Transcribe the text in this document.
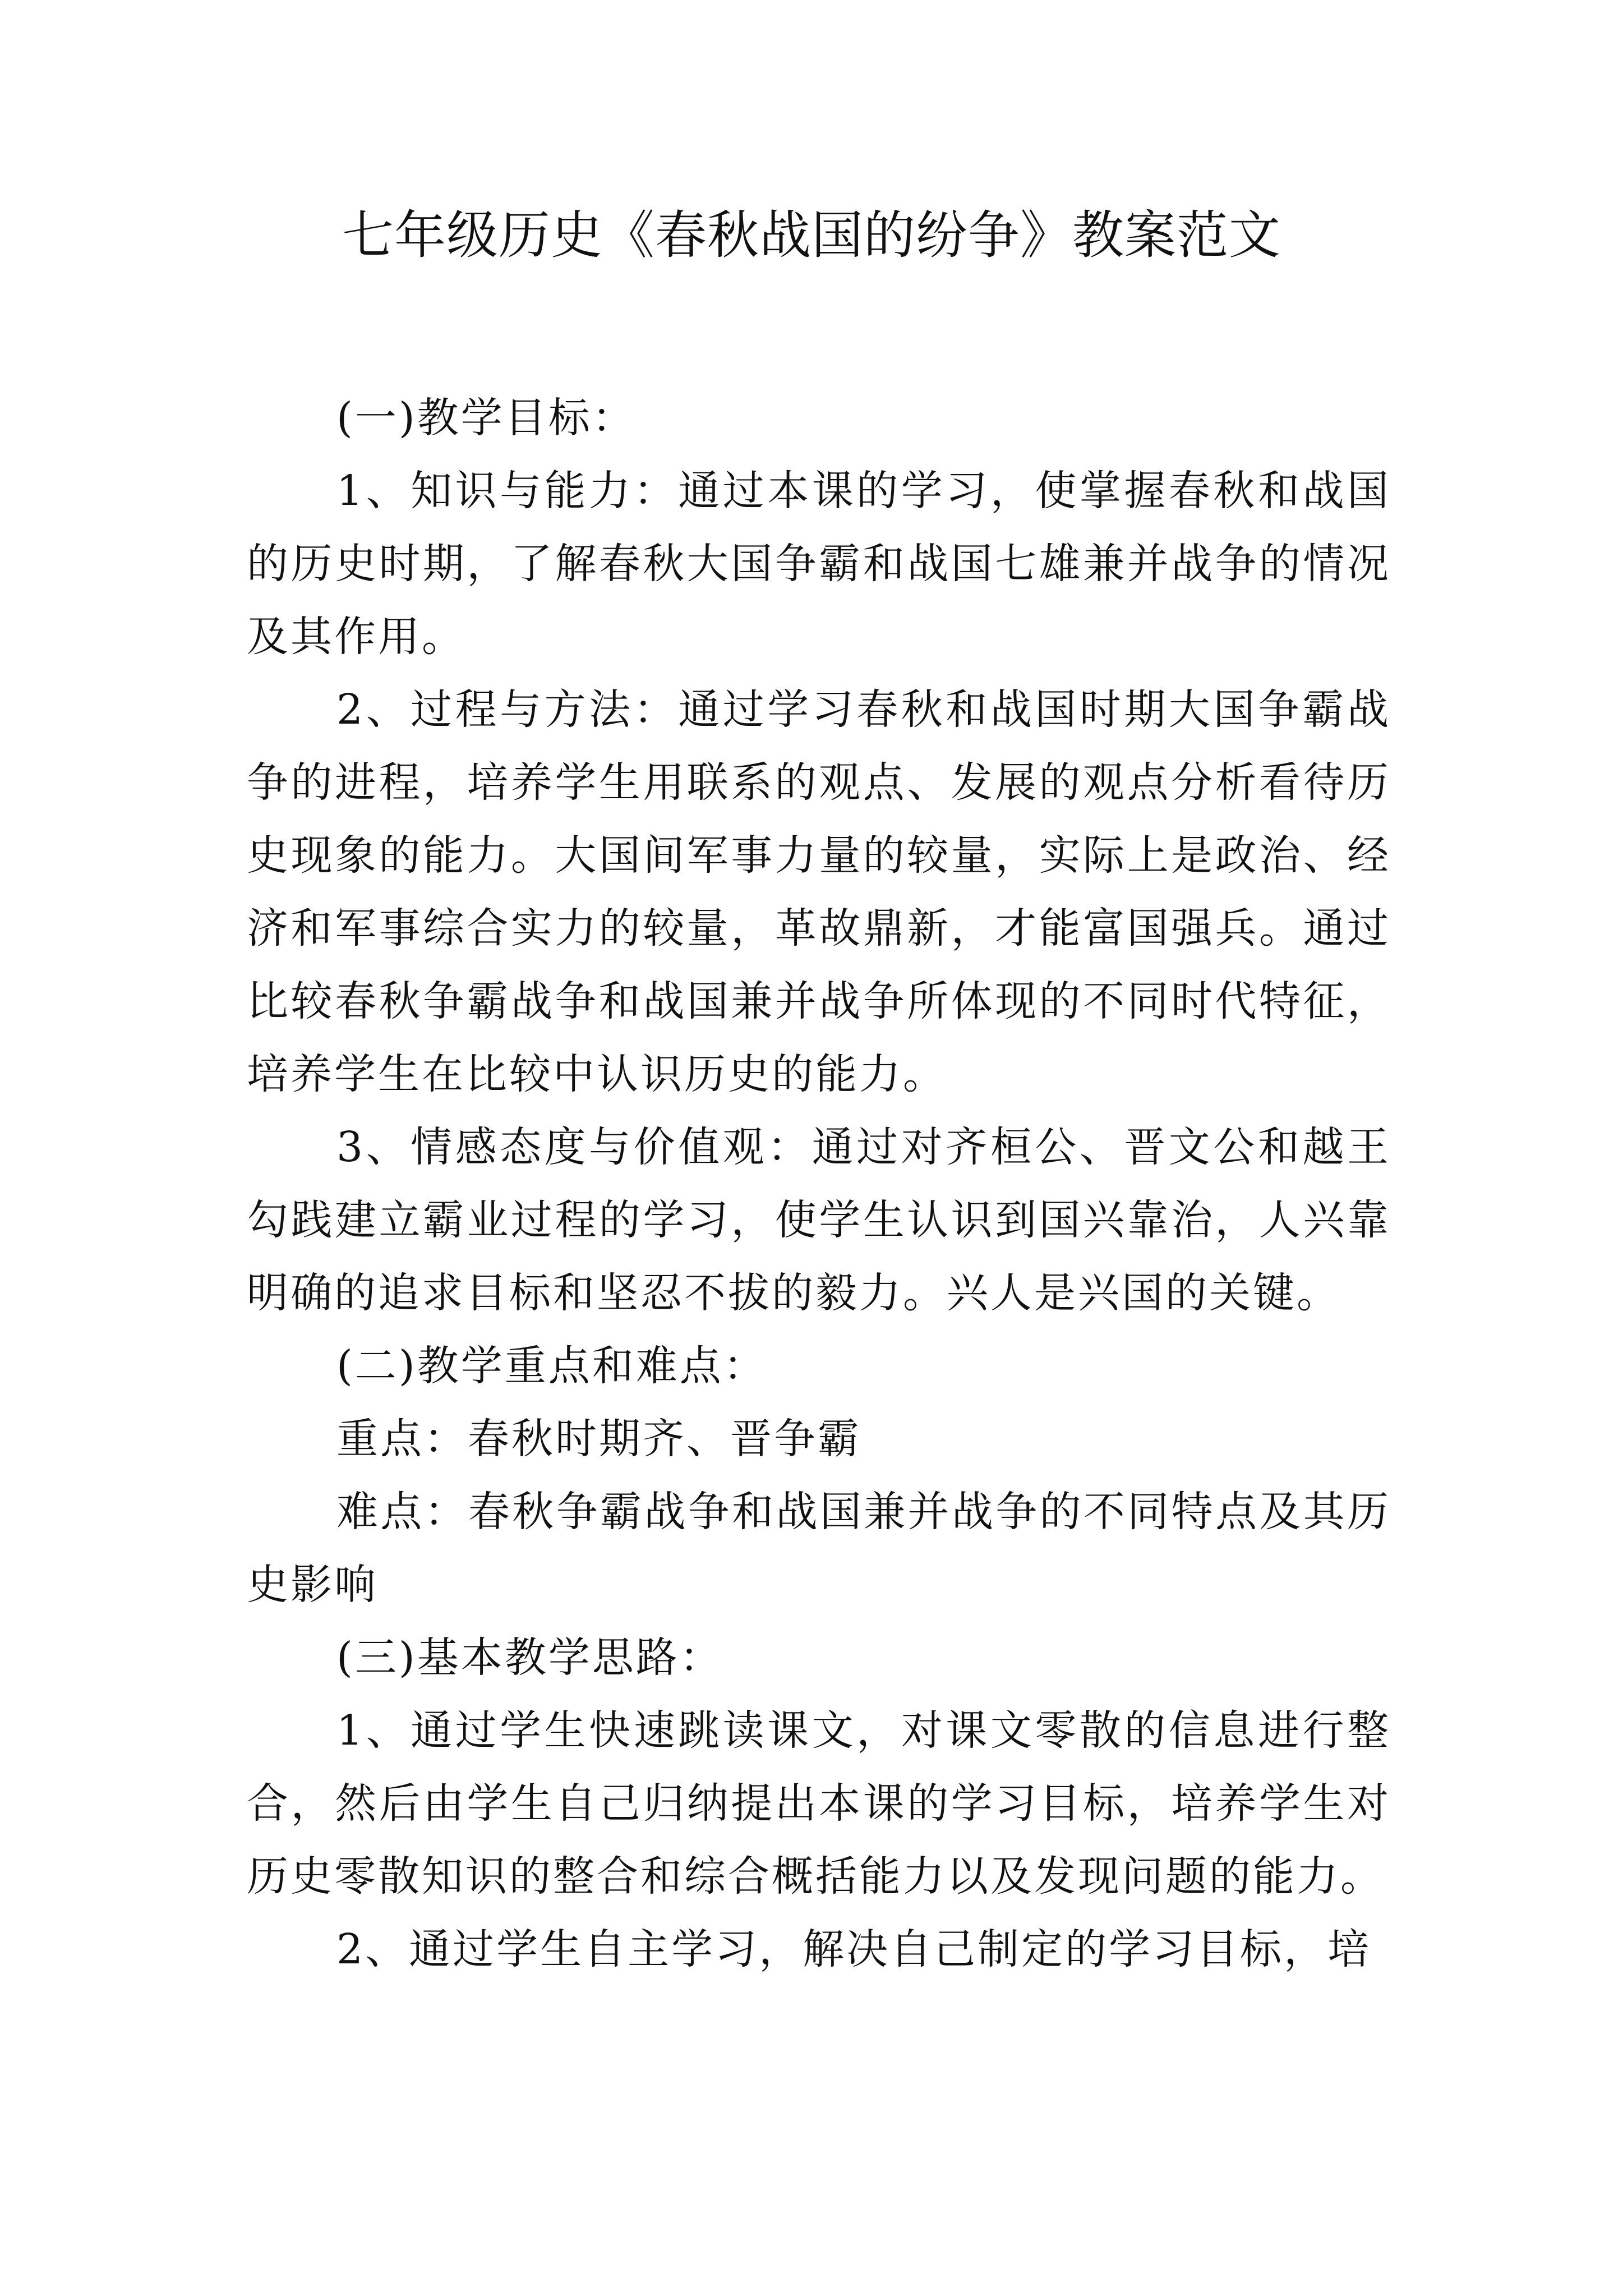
七年级历史《春秋战国的纷争》教案范文

(一)教学目标：

1、知识与能力：通过本课的学习，使掌握春秋和战国的历史时期，了解春秋大国争霸和战国七雄兼并战争的情况及其作用。

2、过程与方法：通过学习春秋和战国时期大国争霸战争的进程，培养学生用联系的观点、发展的观点分析看待历史现象的能力。大国间军事力量的较量，实际上是政治、经济和军事综合实力的较量，革故鼎新，才能富国强兵。通过比较春秋争霸战争和战国兼并战争所体现的不同时代特征，培养学生在比较中认识历史的能力。

3、情感态度与价值观：通过对齐桓公、晋文公和越王勾践建立霸业过程的学习，使学生认识到国兴靠治，人兴靠明确的追求目标和坚忍不拔的毅力。兴人是兴国的关键。

(二)教学重点和难点：

重点：春秋时期齐、晋争霸

难点：春秋争霸战争和战国兼并战争的不同特点及其历史影响

(三)基本教学思路：

1、通过学生快速跳读课文，对课文零散的信息进行整合，然后由学生自己归纳提出本课的学习目标，培养学生对历史零散知识的整合和综合概括能力以及发现问题的能力。

2、通过学生自主学习，解决自己制定的学习目标，培
